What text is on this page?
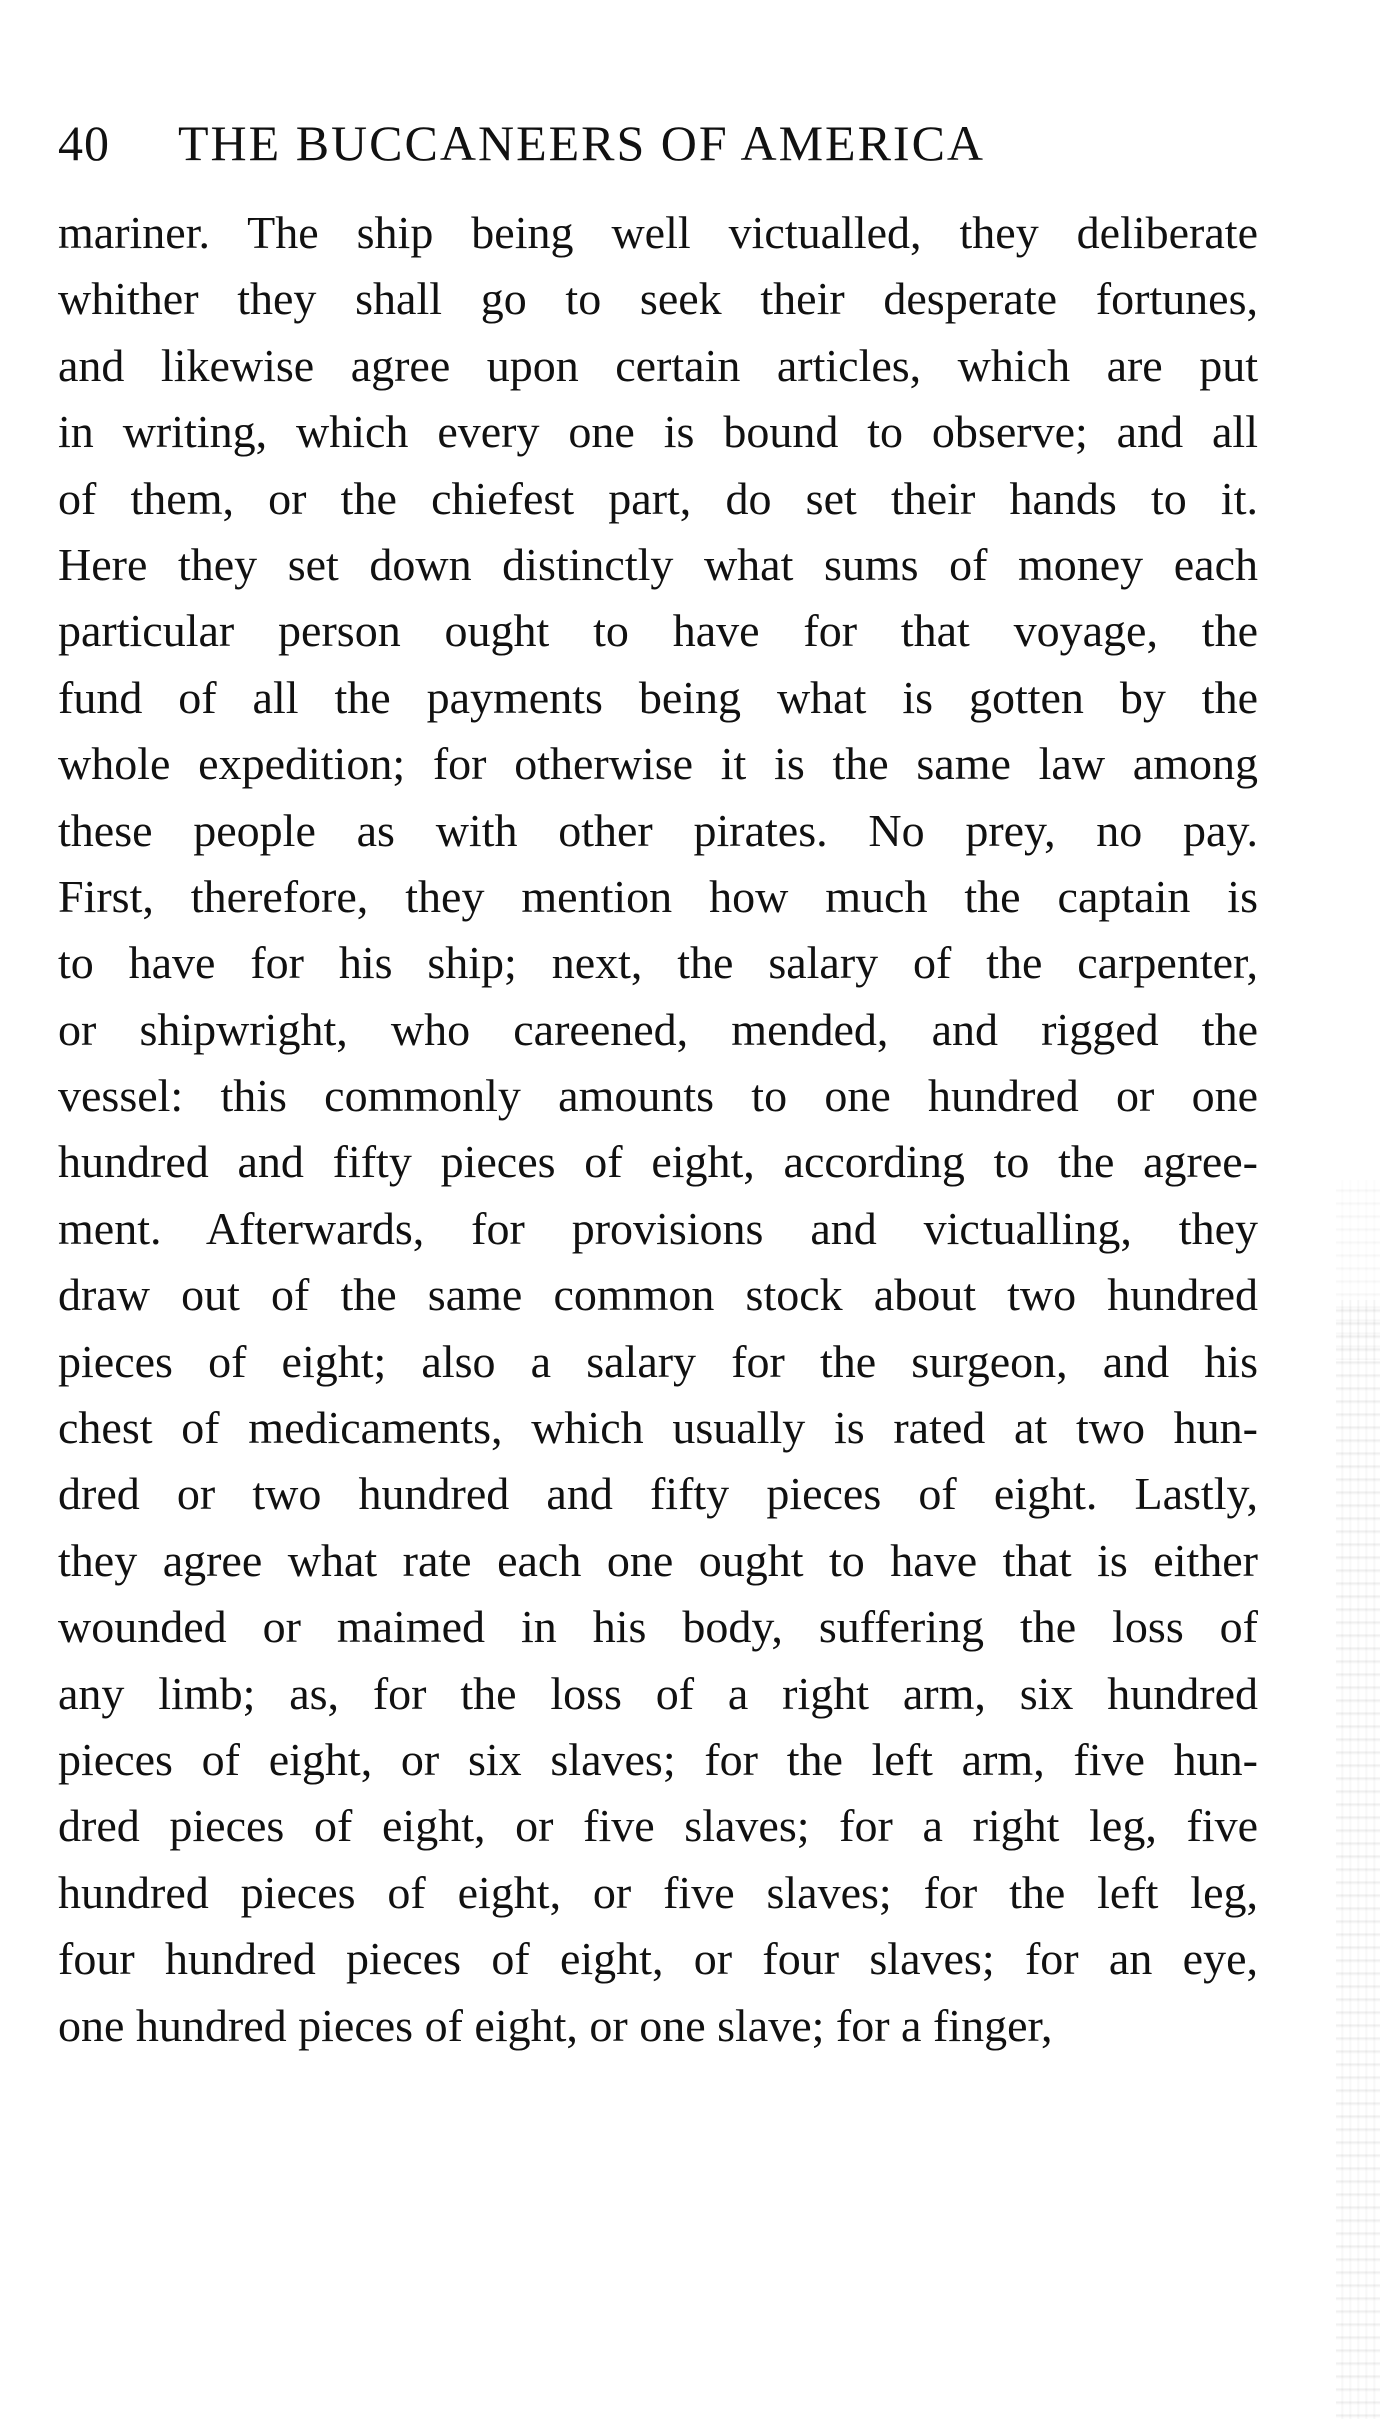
40 THE BUCCANEERS OF AMERICA
mariner. The ship being well victualled, they deliberate
whither they shall go to seek their desperate fortunes,
and likewise agree upon certain articles, which are put
in writing, which every one is bound to observe; and all
of them, or the chiefest part, do set their hands to it.
Here they set down distinctly what sums of money each
particular person ought to have for that voyage, the
fund of all the payments being what is gotten by the
whole expedition; for otherwise it is the same law among
these people as with other pirates. No prey, no pay.
First, therefore, they mention how much the captain is
to have for his ship; next, the salary of the carpenter,
or shipwright, who careened, mended, and rigged the
vessel: this commonly amounts to one hundred or one
hundred and fifty pieces of eight, according to the agree-
ment. Afterwards, for provisions and victualling, they
draw out of the same common stock about two hundred
pieces of eight; also a salary for the surgeon, and his
chest of medicaments, which usually is rated at two hun-
dred or two hundred and fifty pieces of eight. Lastly,
they agree what rate each one ought to have that is either
wounded or maimed in his body, suffering the loss of
any limb; as, for the loss of a right arm, six hundred
pieces of eight, or six slaves; for the left arm, five hun-
dred pieces of eight, or five slaves; for a right leg, five
hundred pieces of eight, or five slaves; for the left leg,
four hundred pieces of eight, or four slaves; for an eye,
one hundred pieces of eight, or one slave; for a finger,
